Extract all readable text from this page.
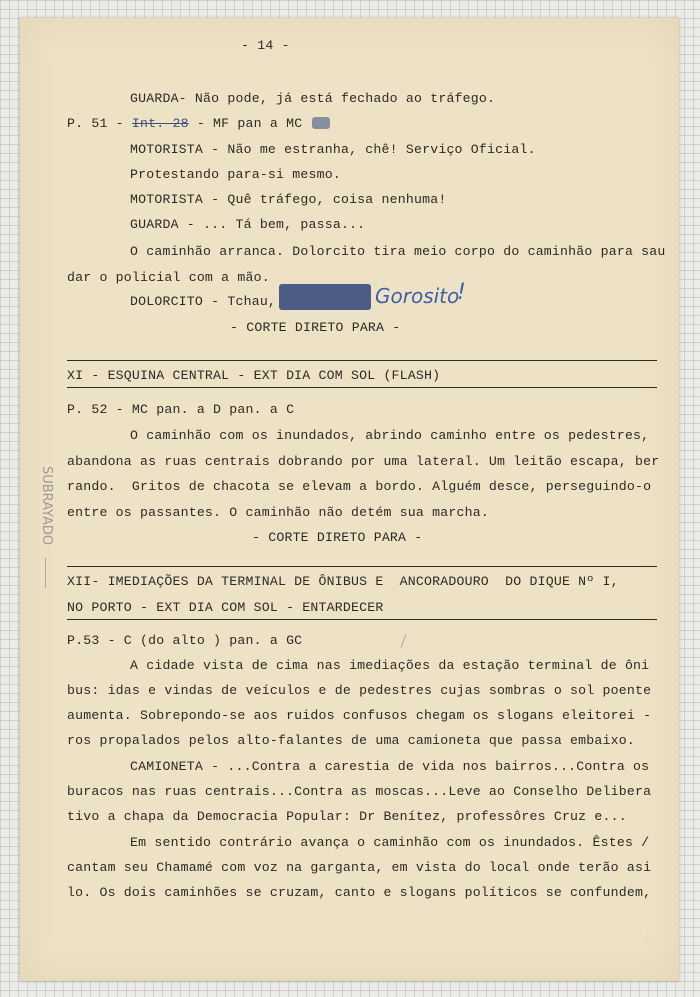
- 14 -
GUARDA- Não pode, já está fechado ao tráfego.
P. 51 - Int. 28 - MF pan a MC
MOTORISTA - Não me estranha, chê! Serviço Oficial.
Protestando para-si mesmo.
MOTORISTA - Quê tráfego, coisa nenhuma!
GUARDA - ... Tá bem, passa...
O caminhão arranca. Dolorcito tira meio corpo do caminhão para sau
dar o policial com a mão.
DOLORCITO - Tchau,	Gorosito
!
- CORTE DIRETO PARA -
XI - ESQUINA CENTRAL - EXT DIA COM SOL (FLASH)
P. 52 - MC pan. a D pan. a C
O caminhão com os inundados, abrindo caminho entre os pedestres,
abandona as ruas centrais dobrando por uma lateral. Um leitão escapa, ber
rando.  Gritos de chacota se elevam a bordo. Alguém desce, perseguindo-o
entre os passantes. O caminhão não detém sua marcha.
- CORTE DIRETO PARA -
XII- IMEDIAÇÕES DA TERMINAL DE ÔNIBUS E  ANCORADOURO  DO DIQUE Nº I,
NO PORTO - EXT DIA COM SOL - ENTARDECER
P.53 - C (do alto ) pan. a GC
A cidade vista de cima nas imediações da estação terminal de ôni
bus: idas e vindas de veículos e de pedestres cujas sombras o sol poente
aumenta. Sobrepondo-se aos ruidos confusos chegam os slogans eleitorei -
ros propalados pelos alto-falantes de uma camioneta que passa embaixo.
CAMIONETA - ...Contra a carestia de vida nos bairros...Contra os
buracos nas ruas centrais...Contra as moscas...Leve ao Conselho Delibera
tivo a chapa da Democracia Popular: Dr Benítez, professôres Cruz e...
Em sentido contrário avança o caminhão com os inundados. Êstes /
cantam seu Chamamé com voz na garganta, em vista do local onde terão asi
lo. Os dois caminhões se cruzam, canto e slogans políticos se confundem,
SUBRAYADO
